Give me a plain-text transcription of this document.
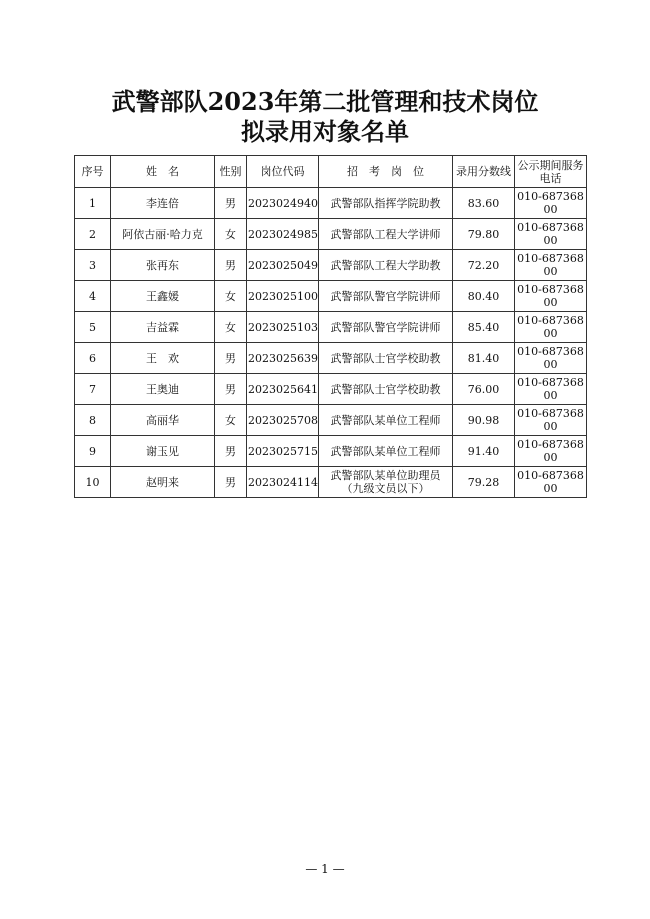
武警部队2023年第二批管理和技术岗位
拟录用对象名单
序号	姓　名	性别	岗位代码	招　考　岗　位	录用分数线	公示期间服务电话
1	李连倍	男	2023024940	武警部队指挥学院助教	83.60	010-68736800
2	阿依古丽·哈力克	女	2023024985	武警部队工程大学讲师	79.80	010-68736800
3	张再东	男	2023025049	武警部队工程大学助教	72.20	010-68736800
4	王鑫媛	女	2023025100	武警部队警官学院讲师	80.40	010-68736800
5	吉益霖	女	2023025103	武警部队警官学院讲师	85.40	010-68736800
6	王　欢	男	2023025639	武警部队士官学校助教	81.40	010-68736800
7	王奥迪	男	2023025641	武警部队士官学校助教	76.00	010-68736800
8	高丽华	女	2023025708	武警部队某单位工程师	90.98	010-68736800
9	谢玉见	男	2023025715	武警部队某单位工程师	91.40	010-68736800
10	赵明来	男	2023024114	武警部队某单位助理员（九级文员以下）	79.28	010-68736800
— 1 —
